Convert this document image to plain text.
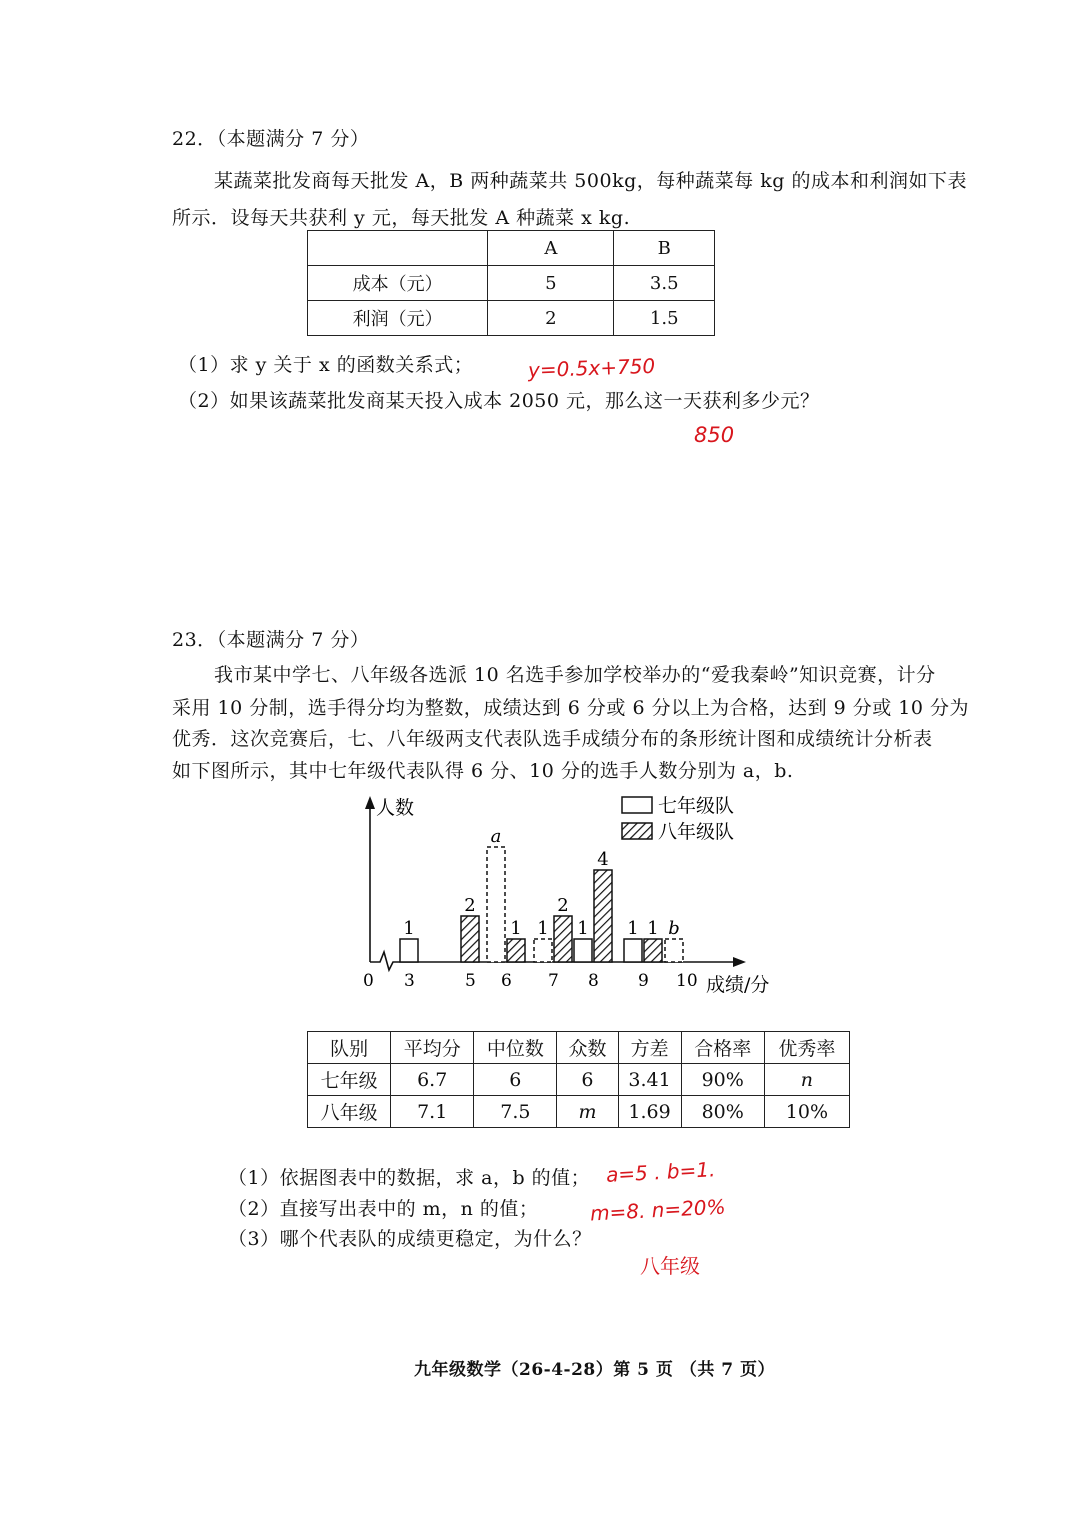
22．（本题满分 7 分）
某蔬菜批发商每天批发 A，B 两种蔬菜共 500kg，每种蔬菜每 kg 的成本和利润如下表
所示．设每天共获利 y 元，每天批发 A 种蔬菜 x kg.
	A	B
成本（元）	5	3.5
利润（元）	2	1.5
（1）求 y 关于 x 的函数关系式；	y=0.5x+750
（2）如果该蔬菜批发商某天投入成本 2050 元，那么这一天获利多少元？
850
23．（本题满分 7 分）
我市某中学七、八年级各选派 10 名选手参加学校举办的“爱我秦岭”知识竞赛，计分
采用 10 分制，选手得分均为整数，成绩达到 6 分或 6 分以上为合格，达到 9 分或 10 分为
优秀．这次竞赛后，七、八年级两支代表队选手成绩分布的条形统计图和成绩统计分析表
如下图所示，其中七年级代表队得 6 分、10 分的选手人数分别为 a，b.
人数
成绩/分
0
七年级队
八年级队
1
2
a
1 1
2
1
4
1 1 b
3	5 6 7 8 9 10
队别	平均分	中位数	众数	方差	合格率	优秀率
七年级	6.7	6	6	3.41	90%	n
八年级	7.1	7.5	m	1.69	80%	10%
（1）依据图表中的数据，求 a，b 的值； a=5 . b=1.
（2）直接写出表中的 m，n 的值；	m=8. n=20%
（3）哪个代表队的成绩更稳定，为什么？
八年级
九年级数学（26-4-28）第 5 页 （共 7 页）
